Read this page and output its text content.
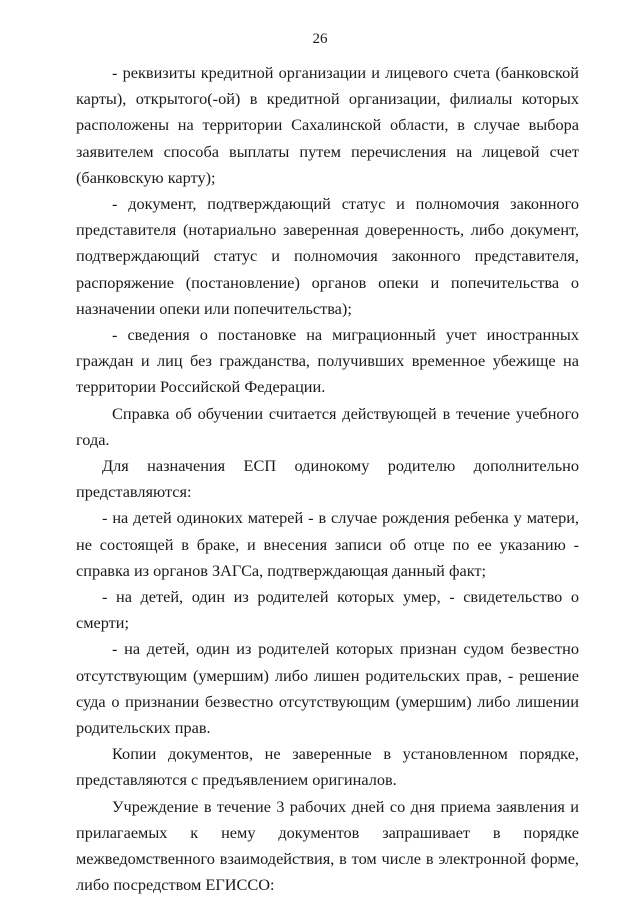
26

- реквизиты кредитной организации и лицевого счета (банковской карты), открытого(-ой) в кредитной организации, филиалы которых расположены на территории Сахалинской области, в случае выбора заявителем способа выплаты путем перечисления на лицевой счет (банковскую карту);

- документ, подтверждающий статус и полномочия законного представителя (нотариально заверенная доверенность, либо документ, подтверждающий статус и полномочия законного представителя, распоряжение (постановление) органов опеки и попечительства о назначении опеки или попечительства);

- сведения о постановке на миграционный учет иностранных граждан и лиц без гражданства, получивших временное убежище на территории Российской Федерации.

Справка об обучении считается действующей в течение учебного года.

Для назначения ЕСП одинокому родителю дополнительно представляются:

- на детей одиноких матерей - в случае рождения ребенка у матери, не состоящей в браке, и внесения записи об отце по ее указанию - справка из органов ЗАГСа, подтверждающая данный факт;

- на детей, один из родителей которых умер, - свидетельство о смерти;

- на детей, один из родителей которых признан судом безвестно отсутствующим (умершим) либо лишен родительских прав, - решение суда о признании безвестно отсутствующим (умершим) либо лишении родительских прав.

Копии документов, не заверенные в установленном порядке, представляются с предъявлением оригиналов.

Учреждение в течение 3 рабочих дней со дня приема заявления и прилагаемых к нему документов запрашивает в порядке межведомственного взаимодействия, в том числе в электронной форме, либо посредством ЕГИССО:
